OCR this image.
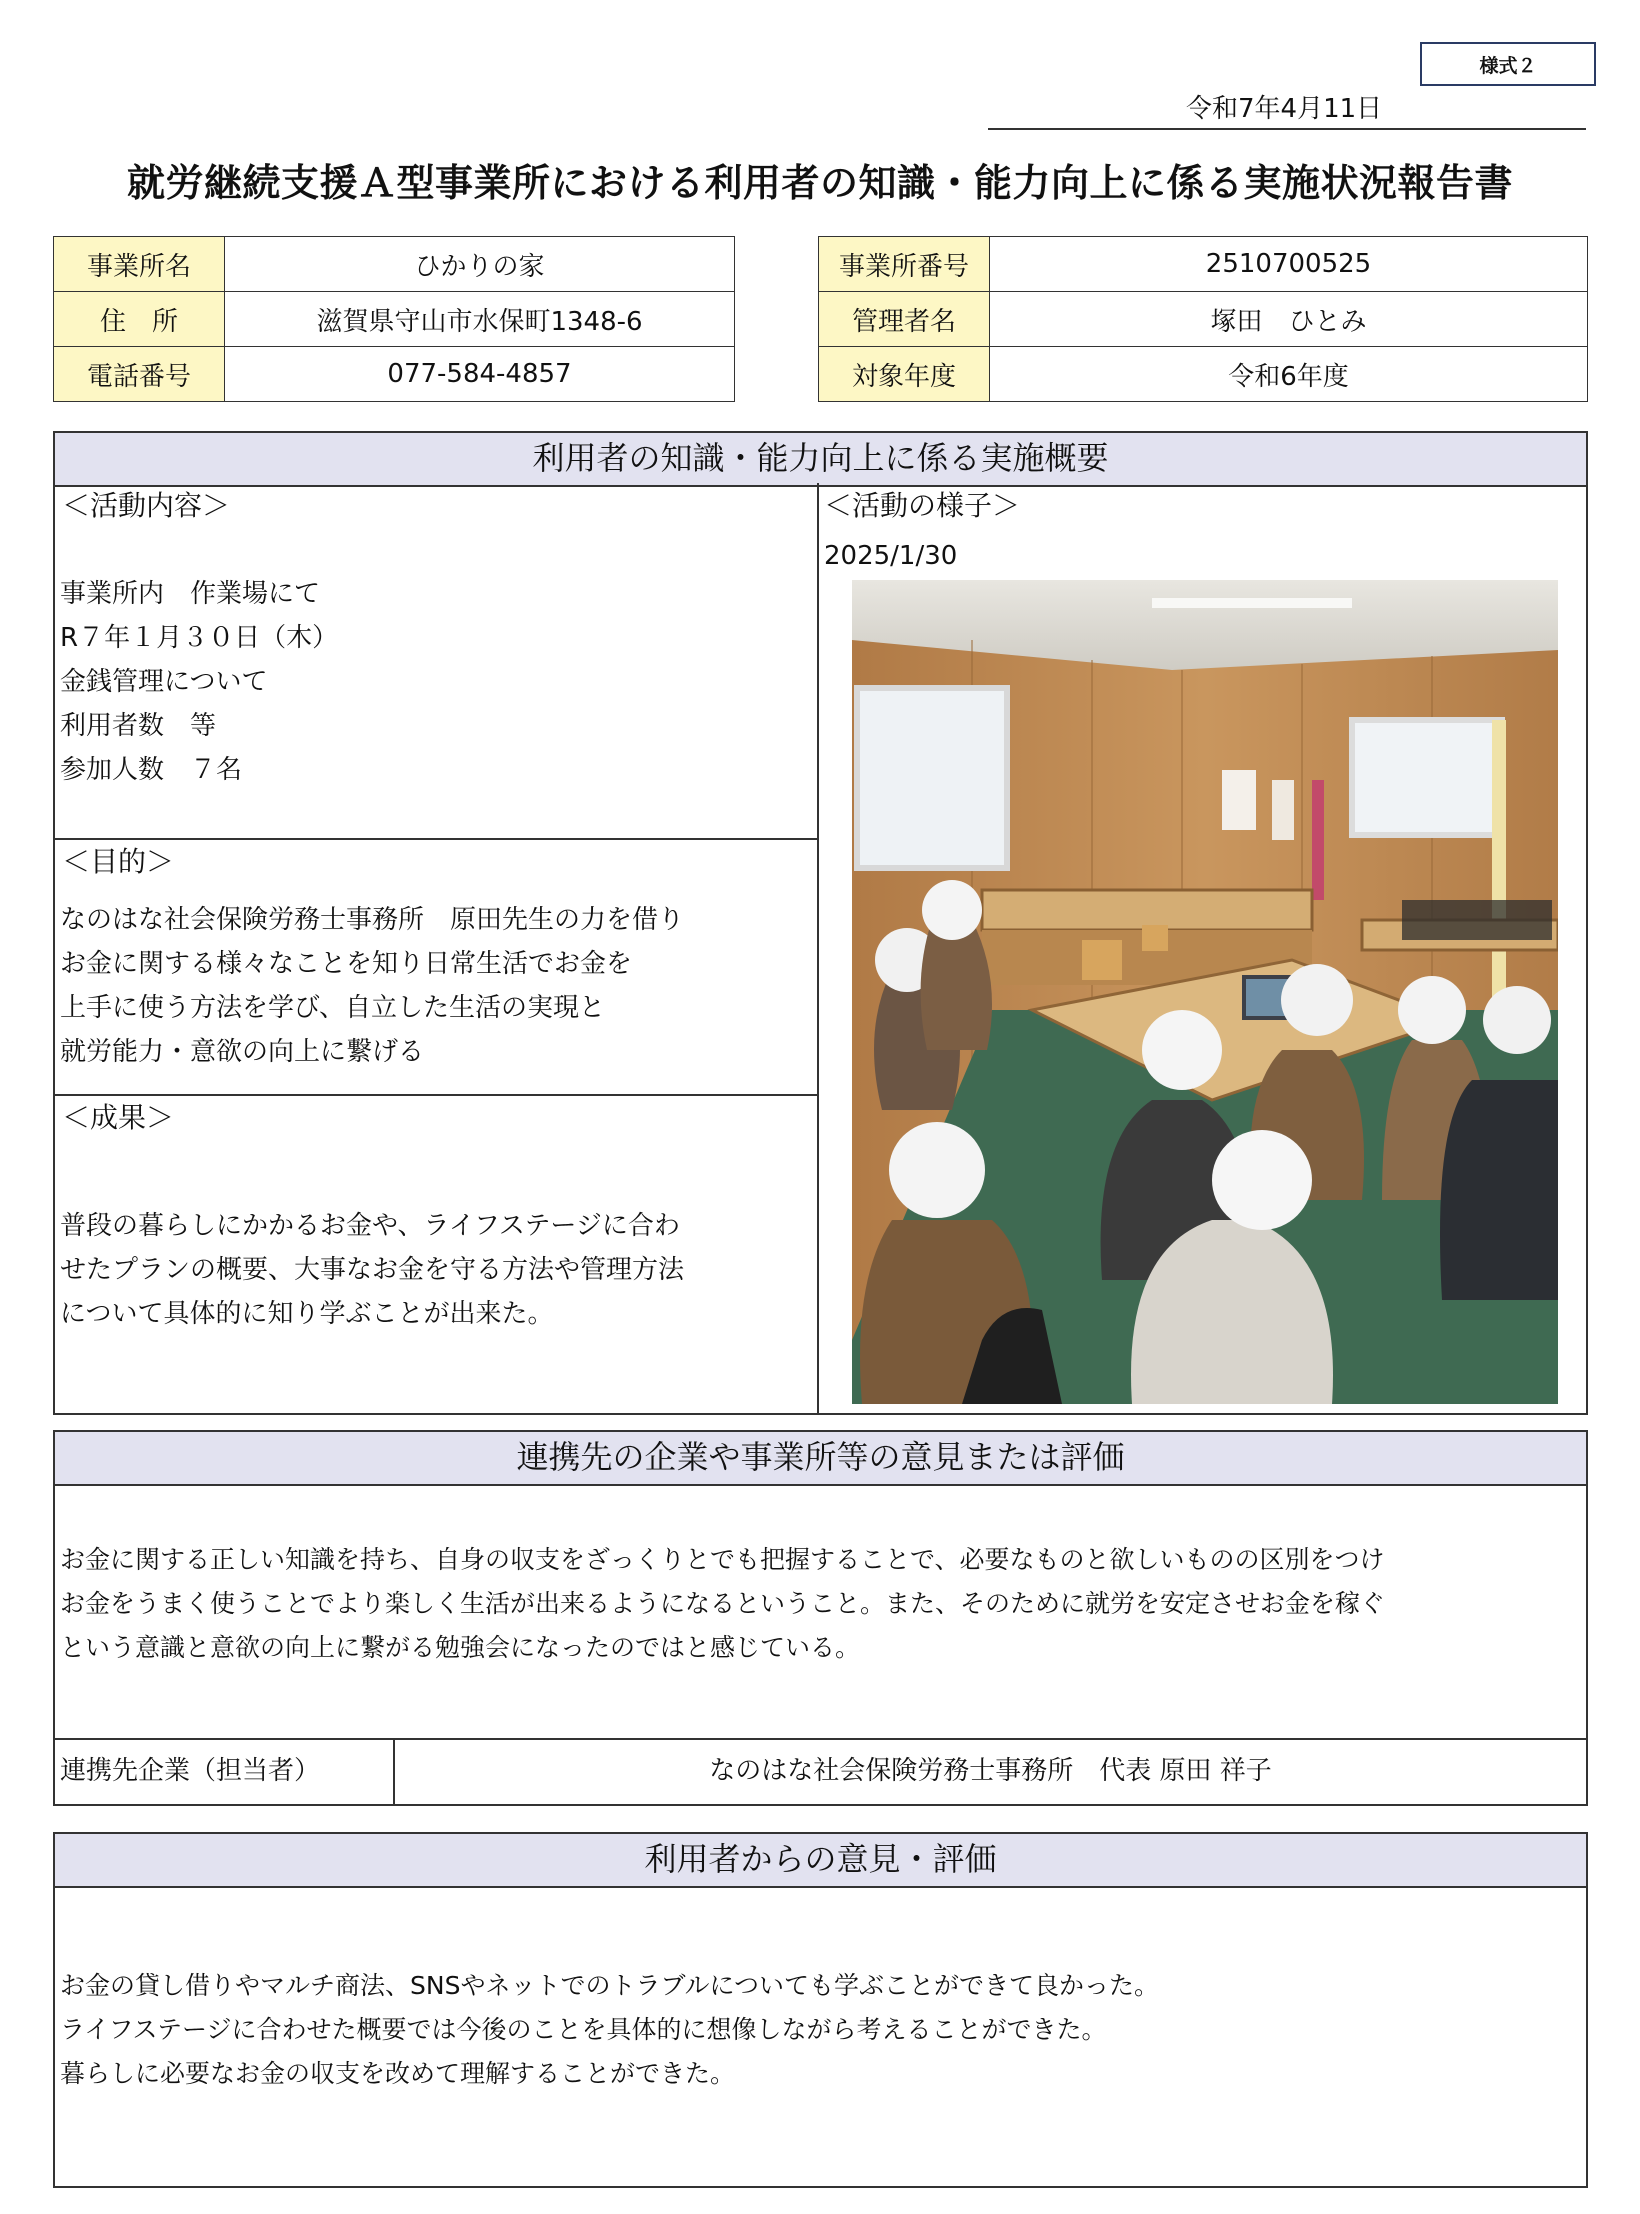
様式２
令和7年4月11日
就労継続支援Ａ型事業所における利用者の知識・能力向上に係る実施状況報告書
事業所名	ひかりの家
住　所	滋賀県守山市水保町1348-6
電話番号	077-584-4857
事業所番号	2510700525
管理者名	塚田　ひとみ
対象年度	令和6年度
利用者の知識・能力向上に係る実施概要
＜活動内容＞
事業所内　作業場にて
R７年１月３０日（木）
金銭管理について
利用者数　等
参加人数　７名
＜目的＞
なのはな社会保険労務士事務所　原田先生の力を借り
お金に関する様々なことを知り日常生活でお金を
上手に使う方法を学び、自立した生活の実現と
就労能力・意欲の向上に繋げる
＜成果＞
普段の暮らしにかかるお金や、ライフステージに合わ
せたプランの概要、大事なお金を守る方法や管理方法
について具体的に知り学ぶことが出来た。
＜活動の様子＞
2025/1/30
連携先の企業や事業所等の意見または評価
お金に関する正しい知識を持ち、自身の収支をざっくりとでも把握することで、必要なものと欲しいものの区別をつけ
お金をうまく使うことでより楽しく生活が出来るようになるということ。また、そのために就労を安定させお金を稼ぐ
という意識と意欲の向上に繋がる勉強会になったのではと感じている。
連携先企業（担当者）	なのはな社会保険労務士事務所　代表 原田 祥子
利用者からの意見・評価
お金の貸し借りやマルチ商法、SNSやネットでのトラブルについても学ぶことができて良かった。
ライフステージに合わせた概要では今後のことを具体的に想像しながら考えることができた。
暮らしに必要なお金の収支を改めて理解することができた。
